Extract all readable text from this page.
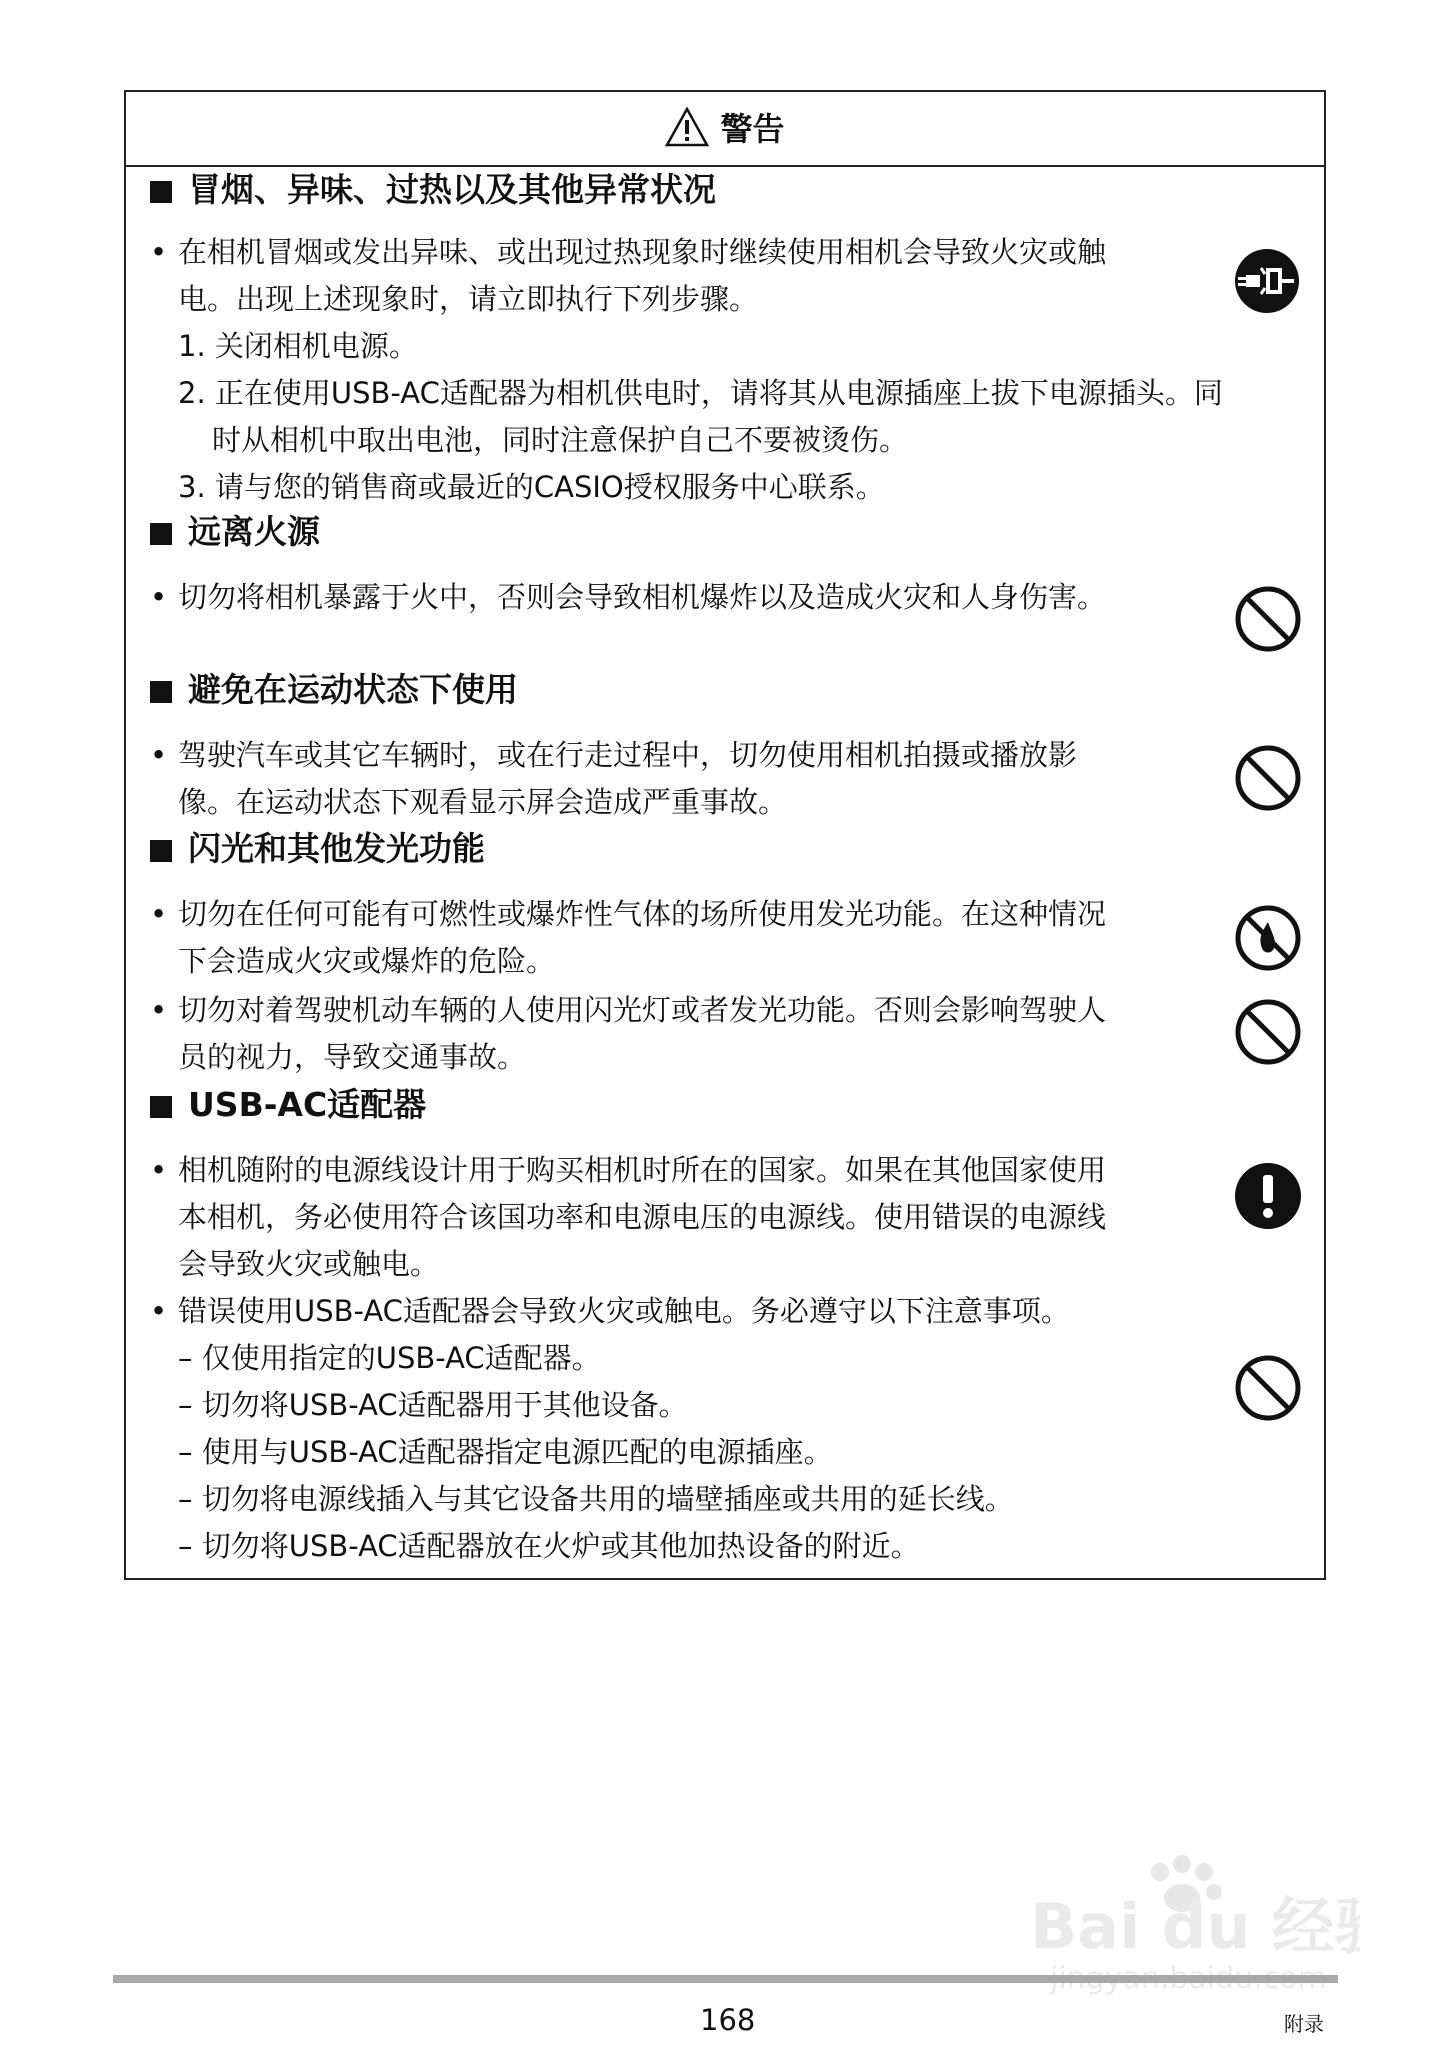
警告
冒烟、异味、过热以及其他异常状况
• 在相机冒烟或发出异味、或出现过热现象时继续使用相机会导致火灾或触
电。出现上述现象时，请立即执行下列步骤。
1. 关闭相机电源。
2. 正在使用USB-AC适配器为相机供电时，请将其从电源插座上拔下电源插头。同
时从相机中取出电池，同时注意保护自己不要被烫伤。
3. 请与您的销售商或最近的CASIO授权服务中心联系。
远离火源
• 切勿将相机暴露于火中，否则会导致相机爆炸以及造成火灾和人身伤害。
避免在运动状态下使用
• 驾驶汽车或其它车辆时，或在行走过程中，切勿使用相机拍摄或播放影
像。在运动状态下观看显示屏会造成严重事故。
闪光和其他发光功能
• 切勿在任何可能有可燃性或爆炸性气体的场所使用发光功能。在这种情况
下会造成火灾或爆炸的危险。
• 切勿对着驾驶机动车辆的人使用闪光灯或者发光功能。否则会影响驾驶人
员的视力，导致交通事故。
USB-AC适配器
• 相机随附的电源线设计用于购买相机时所在的国家。如果在其他国家使用
本相机，务必使用符合该国功率和电源电压的电源线。使用错误的电源线
会导致火灾或触电。
• 错误使用USB-AC适配器会导致火灾或触电。务必遵守以下注意事项。
– 仅使用指定的USB-AC适配器。
– 切勿将USB-AC适配器用于其他设备。
– 使用与USB-AC适配器指定电源匹配的电源插座。
– 切勿将电源线插入与其它设备共用的墙壁插座或共用的延长线。
– 切勿将USB-AC适配器放在火炉或其他加热设备的附近。
Bai du 经验
168	附录
